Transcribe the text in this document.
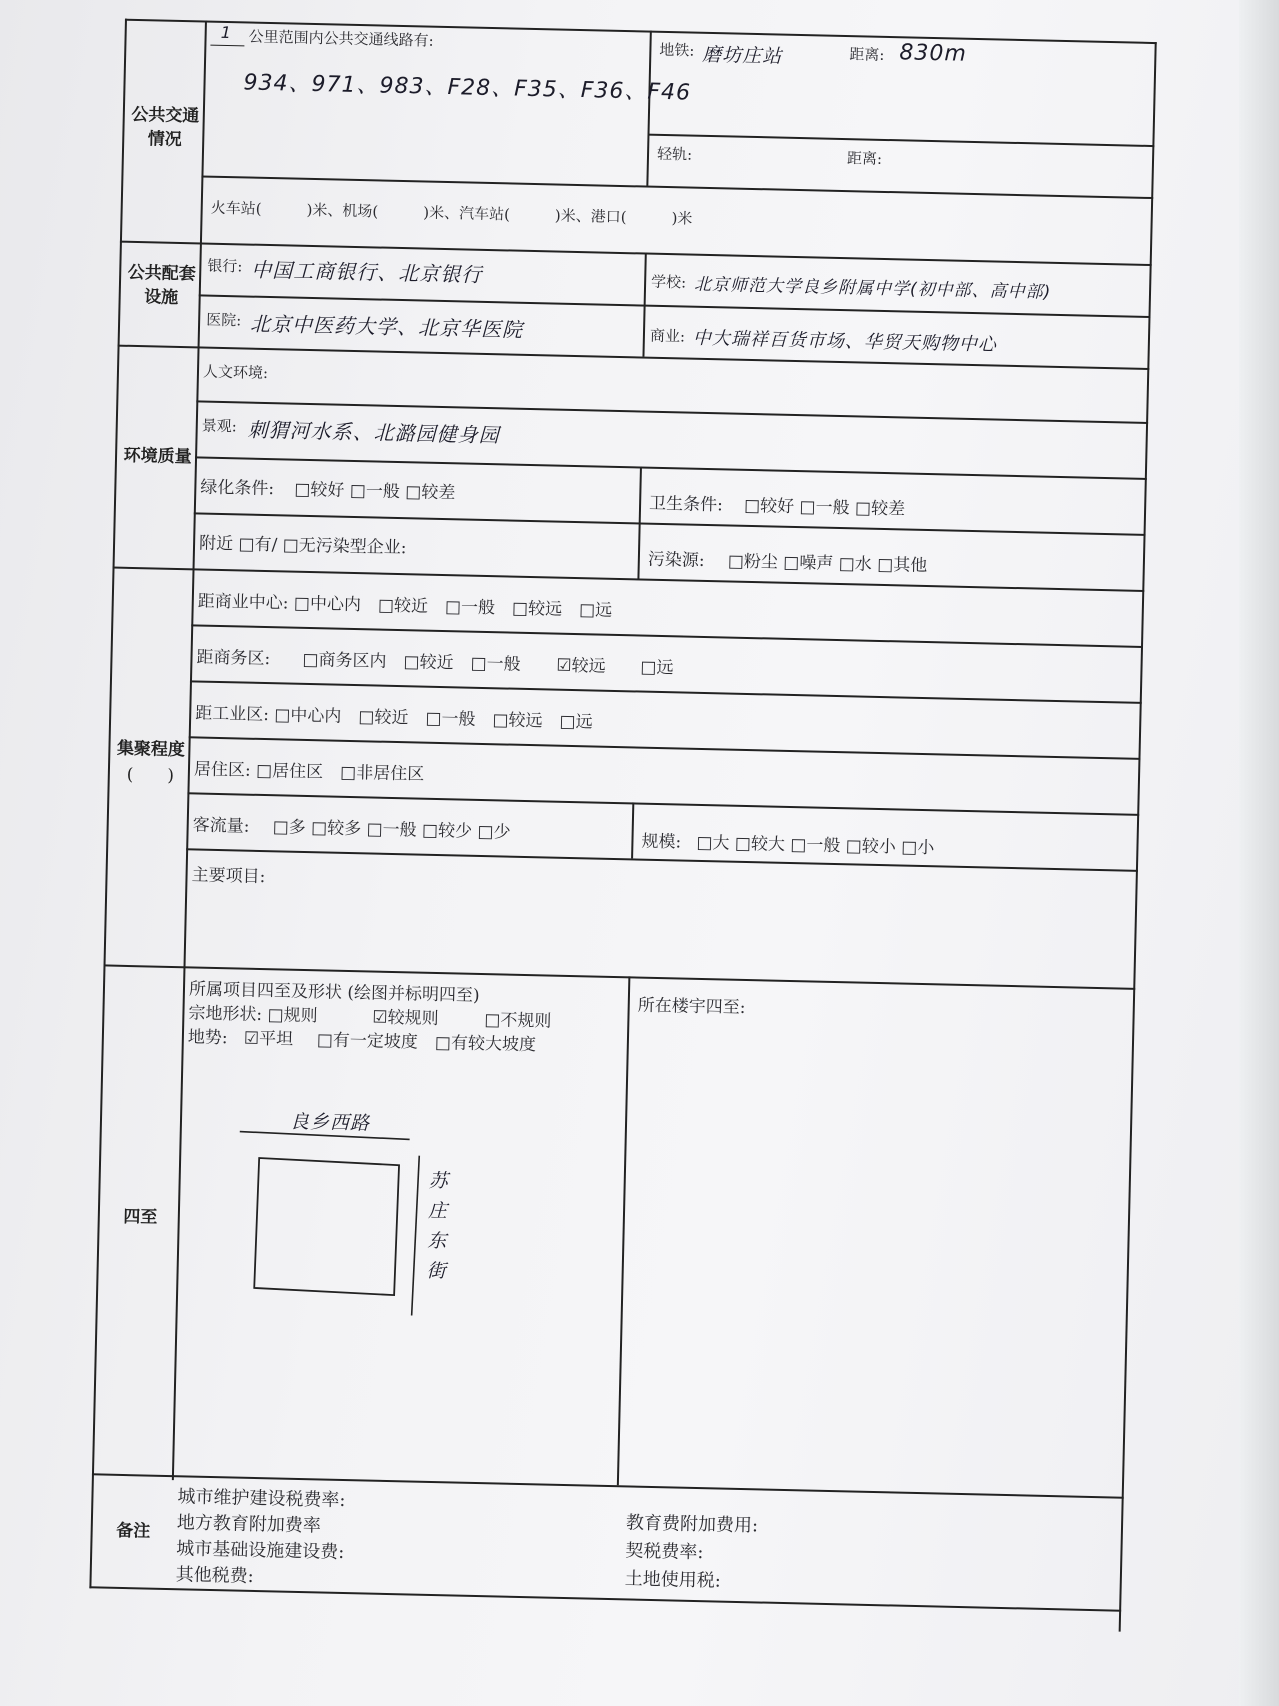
公共交通情况
1 公里范围内公共交通线路有:
934、971、983、F28、F35、F36、F46
地铁: 磨坊庄站	距离: 830m
轻轨:	距离:
火车站(　　　)米、机场(　　　)米、汽车站(　　　)米、港口(　　　)米
公共配套设施
银行: 中国工商银行、北京银行	学校: 北京师范大学良乡附属中学(初中部、高中部)
医院: 北京中医药大学、北京华医院	商业: 中大瑞祥百货市场、华贸天购物中心
环境质量
人文环境:
景观: 刺猬河水系、北潞园健身园
绿化条件: □较好 □一般 □较差
卫生条件: □较好 □一般 □较差
附近 □有/ □无污染型企业:
污染源: □粉尘 □噪声 □水 □其他
集聚程度
(　　)
距商业中心: □中心内　□较近　□一般　□较远　□远
距商务区: □商务区内　□较近　□一般　 ☑较远 □远
距工业区: □中心内　□较近　□一般　□较远　□远
居住区: □居住区　□非居住区
客流量: □多 □较多 □一般 □较少 □少	规模: □大 □较大 □一般 □较小 □小
主要项目:
四至
所属项目四至及形状 (绘图并标明四至)
宗地形状: □规则	☑较规则	□不规则
地势: ☑平坦 □有一定坡度　□有较大坡度
所在楼宇四至:
良乡西路
苏庄东街
备注
城市维护建设税费率:
地方教育附加费率
城市基础设施建设费:
其他税费:
教育费附加费用:
契税费率:
土地使用税:
